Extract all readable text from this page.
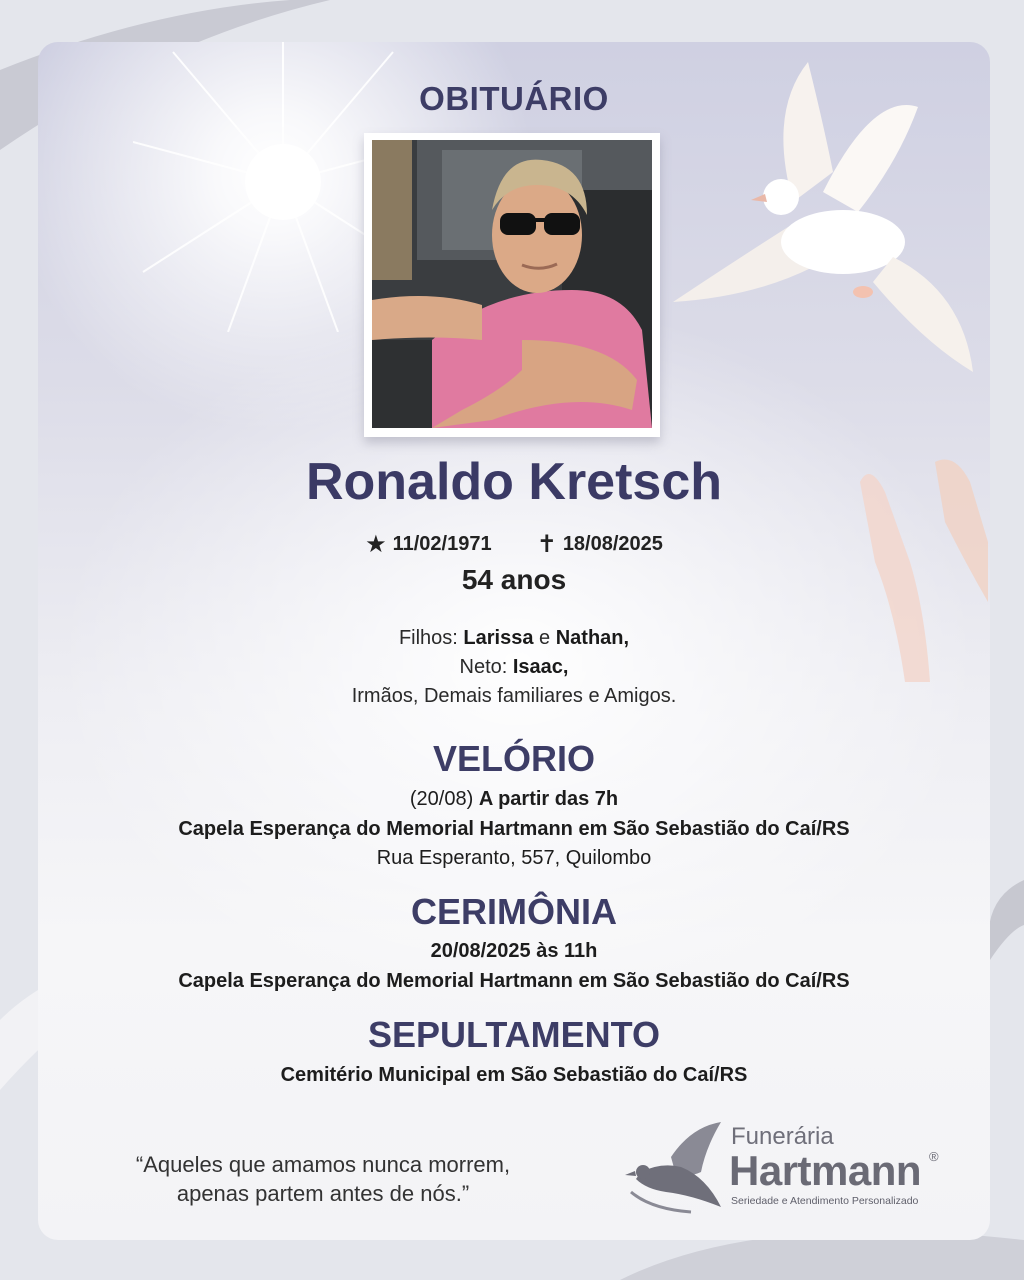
OBITUÁRIO
Ronaldo Kretsch
★ 11/02/1971 ✝ 18/08/2025
54 anos
Filhos: Larissa e Nathan,
Neto: Isaac,
Irmãos, Demais familiares e Amigos.
VELÓRIO
(20/08) A partir das 7h
Capela Esperança do Memorial Hartmann em São Sebastião do Caí/RS
Rua Esperanto, 557, Quilombo
CERIMÔNIA
20/08/2025 às 11h
Capela Esperança do Memorial Hartmann em São Sebastião do Caí/RS
SEPULTAMENTO
Cemitério Municipal em São Sebastião do Caí/RS
“Aqueles que amamos nunca morrem,
apenas partem antes de nós.”
Funerária
Hartmann ®
Seriedade e Atendimento Personalizado
